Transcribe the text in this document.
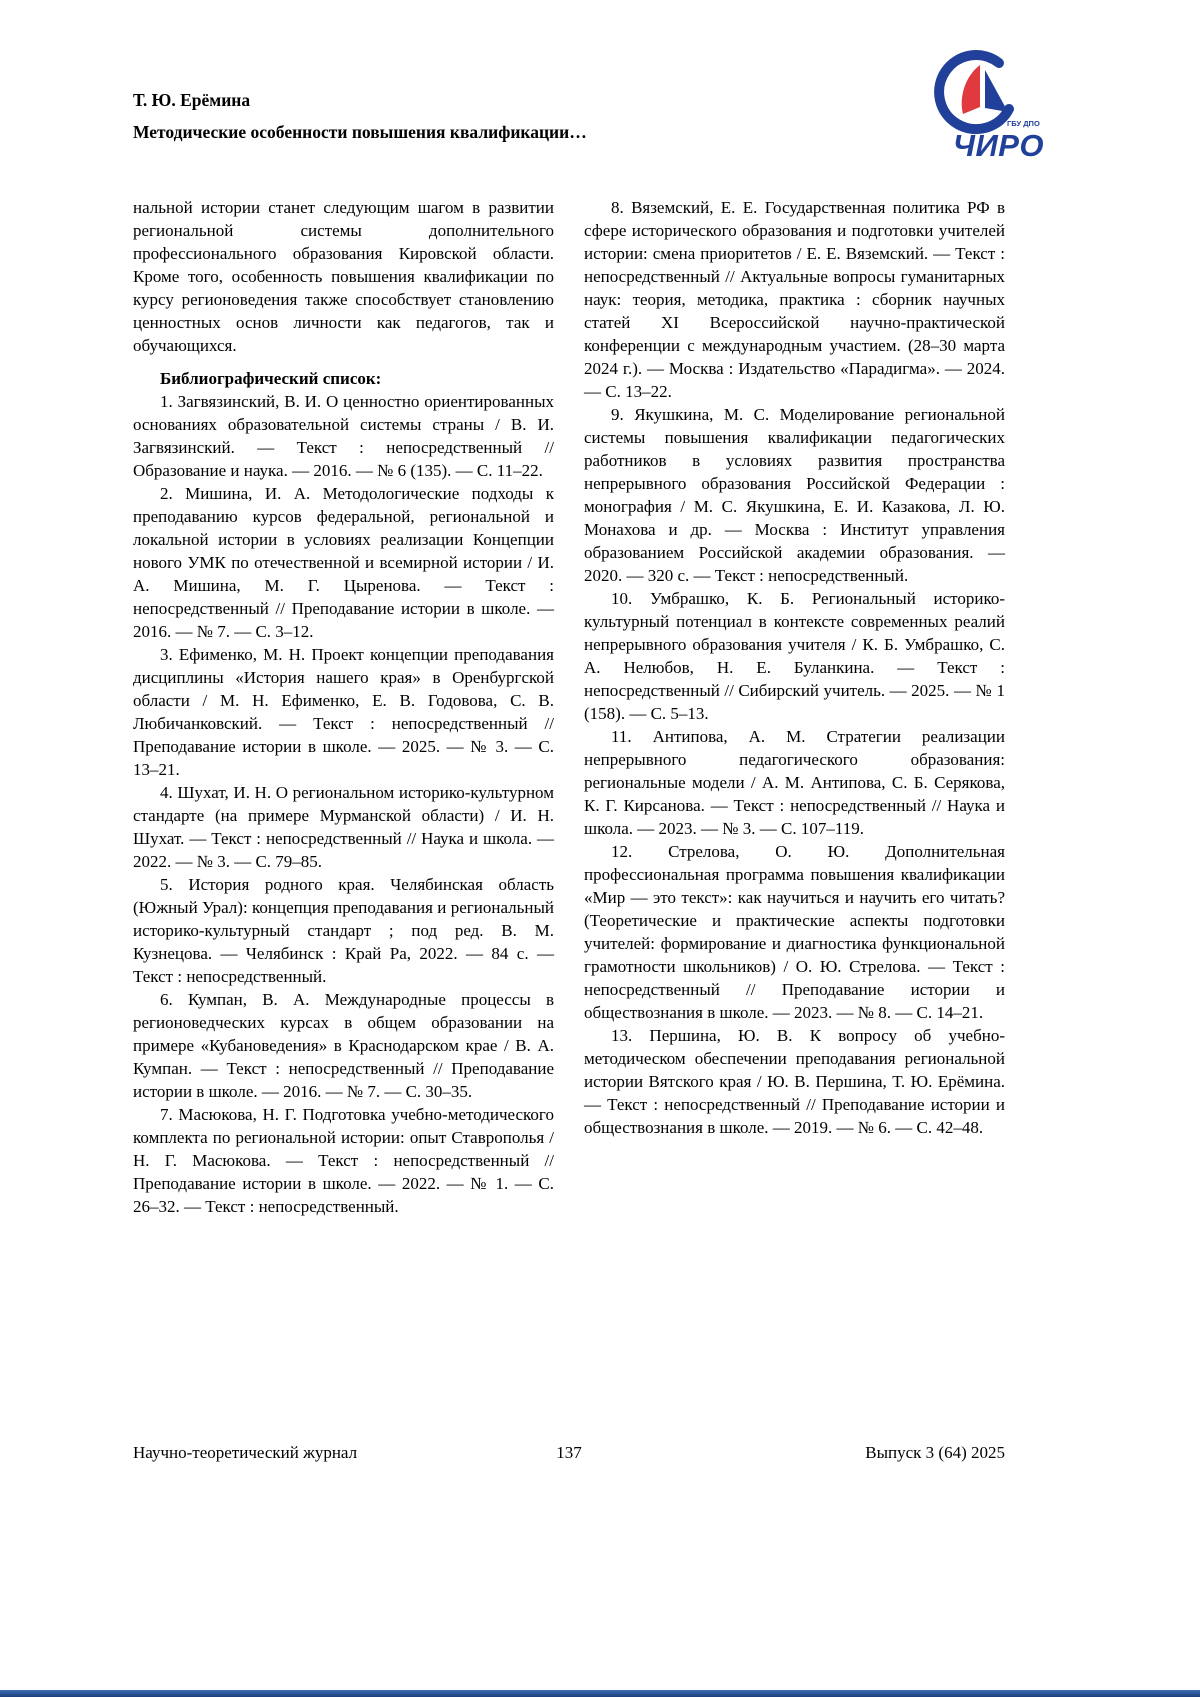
Т. Ю. Ерёмина
Методические особенности повышения квалификации…	ГБУ ДПО
ЧИРО

нальной истории станет следующим шагом в развитии региональной системы дополнительного профессионального образования Кировской области. Кроме того, особенность повышения квалификации по курсу регионоведения также способствует становлению ценностных основ личности как педагогов, так и обучающихся.

Библиографический список:

1. Загвязинский, В. И. О ценностно ориентированных основаниях образовательной системы страны / В. И. Загвязинский. — Текст : непосредственный // Образование и наука. — 2016. — № 6 (135). — С. 11–22.

2. Мишина, И. А. Методологические подходы к преподаванию курсов федеральной, региональной и локальной истории в условиях реализации Концепции нового УМК по отечественной и всемирной истории / И. А. Мишина, М. Г. Цыренова. — Текст : непосредственный // Преподавание истории в школе. — 2016. — № 7. — С. 3–12.

3. Ефименко, М. Н. Проект концепции преподавания дисциплины «История нашего края» в Оренбургской области / М. Н. Ефименко, Е. В. Годовова, С. В. Любичанковский. — Текст : непосредственный // Преподавание истории в школе. — 2025. — № 3. — С. 13–21.

4. Шухат, И. Н. О региональном историко-культурном стандарте (на примере Мурманской области) / И. Н. Шухат. — Текст : непосредственный // Наука и школа. — 2022. — № 3. — С. 79–85.

5. История родного края. Челябинская область (Южный Урал): концепция преподавания и региональный историко-культурный стандарт ; под ред. В. М. Кузнецова. — Челябинск : Край Ра, 2022. — 84 с. — Текст : непосредственный.

6. Кумпан, В. А. Международные процессы в регионоведческих курсах в общем образовании на примере «Кубановедения» в Краснодарском крае / В. А. Кумпан. — Текст : непосредственный // Преподавание истории в школе. — 2016. — № 7. — С. 30–35.

7. Масюкова, Н. Г. Подготовка учебно-методического комплекта по региональной истории: опыт Ставрополья / Н. Г. Масюкова. — Текст : непосредственный // Преподавание истории в школе. — 2022. — № 1. — С. 26–32. — Текст : непосредственный.

8. Вяземский, Е. Е. Государственная политика РФ в сфере исторического образования и подготовки учителей истории: смена приоритетов / Е. Е. Вяземский. — Текст : непосредственный // Актуальные вопросы гуманитарных наук: теория, методика, практика : сборник научных статей XI Всероссийской научно-практической конференции с международным участием. (28–30 марта 2024 г.). — Москва : Издательство «Парадигма». — 2024. — С. 13–22.

9. Якушкина, М. С. Моделирование региональной системы повышения квалификации педагогических работников в условиях развития пространства непрерывного образования Российской Федерации : монография / М. С. Якушкина, Е. И. Казакова, Л. Ю. Монахова и др. — Москва : Институт управления образованием Российской академии образования. — 2020. — 320 с. — Текст : непосредственный.

10. Умбрашко, К. Б. Региональный историко-культурный потенциал в контексте современных реалий непрерывного образования учителя / К. Б. Умбрашко, С. А. Нелюбов, Н. Е. Буланкина. — Текст : непосредственный // Сибирский учитель. — 2025. — № 1 (158). — С. 5–13.

11. Антипова, А. М. Стратегии реализации непрерывного педагогического образования: региональные модели / А. М. Антипова, С. Б. Серякова, К. Г. Кирсанова. — Текст : непосредственный // Наука и школа. — 2023. — № 3. — С. 107–119.

12. Стрелова, О. Ю. Дополнительная профессиональная программа повышения квалификации «Мир — это текст»: как научиться и научить его читать? (Теоретические и практические аспекты подготовки учителей: формирование и диагностика функциональной грамотности школьников) / О. Ю. Стрелова. — Текст : непосредственный // Преподавание истории и обществознания в школе. — 2023. — № 8. — С. 14–21.

13. Першина, Ю. В. К вопросу об учебно-методическом обеспечении преподавания региональной истории Вятского края / Ю. В. Першина, Т. Ю. Ерёмина. — Текст : непосредственный // Преподавание истории и обществознания в школе. — 2019. — № 6. — С. 42–48.

Научно-теоретический журнал	137	Выпуск 3 (64) 2025
